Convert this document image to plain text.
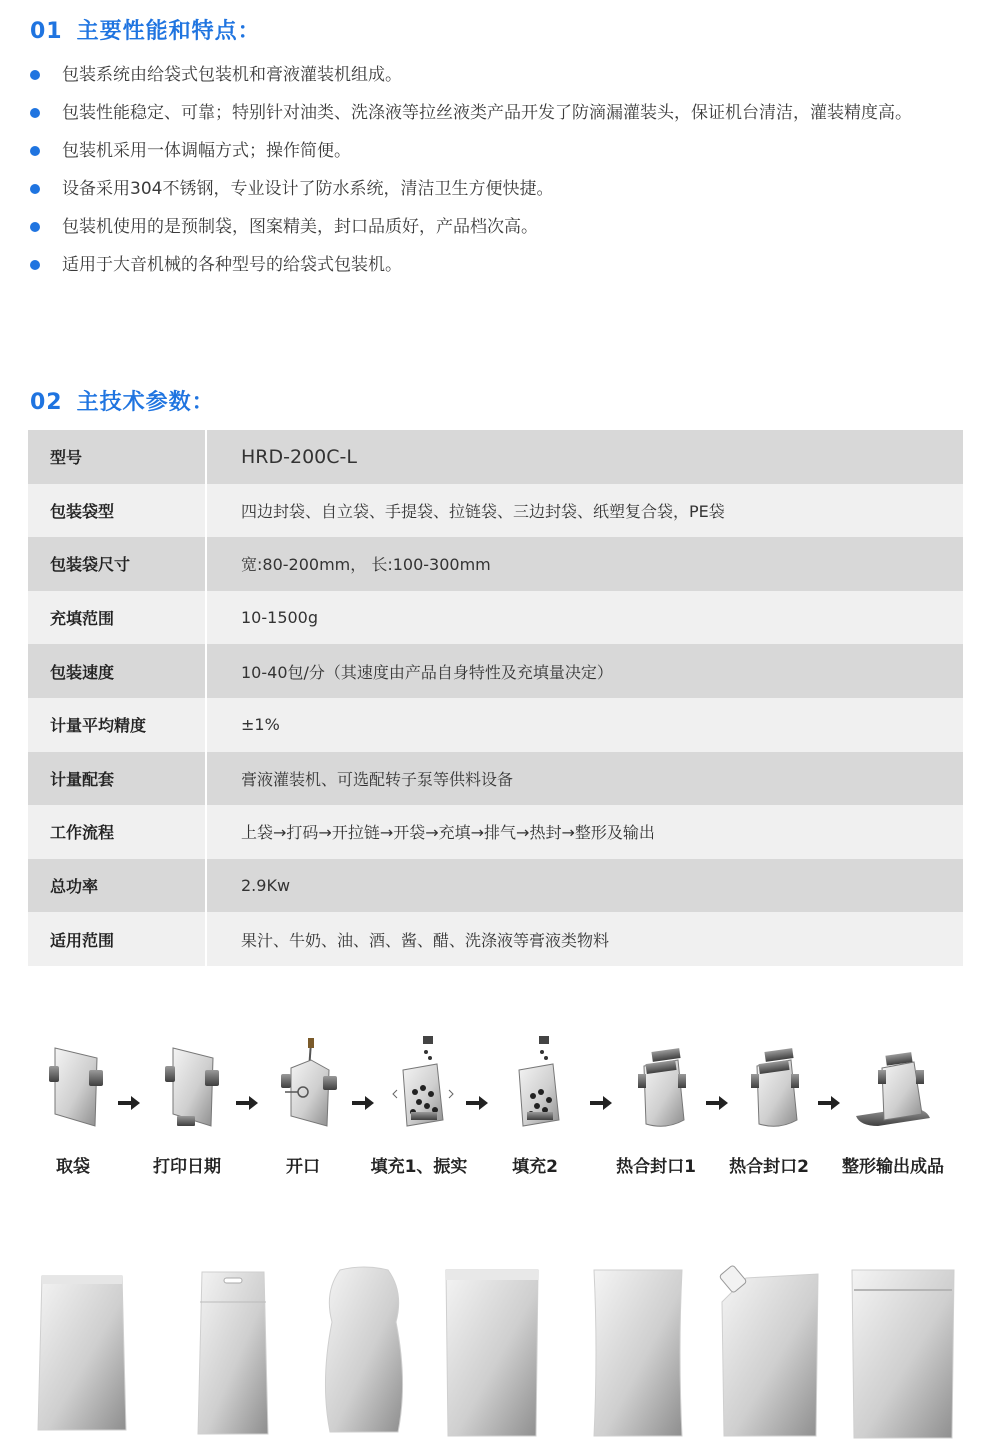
01 主要性能和特点：
包装系统由给袋式包装机和膏液灌装机组成。
包装性能稳定、可靠；特别针对油类、洗涤液等拉丝液类产品开发了防滴漏灌装头，保证机台清洁，灌装精度高。
包装机采用一体调幅方式；操作简便。
设备采用304不锈钢，专业设计了防水系统，清洁卫生方便快捷。
包装机使用的是预制袋，图案精美，封口品质好，产品档次高。
适用于大音机械的各种型号的给袋式包装机。
02 主技术参数：
型号	HRD-200C-L
包装袋型	四边封袋、自立袋、手提袋、拉链袋、三边封袋、纸塑复合袋，PE袋
包装袋尺寸	宽:80-200mm， 长:100-300mm
充填范围	10-1500g
包装速度	10-40包/分（其速度由产品自身特性及充填量决定）
计量平均精度	±1%
计量配套	膏液灌装机、可选配转子泵等供料设备
工作流程	上袋→打码→开拉链→开袋→充填→排气→热封→整形及输出
总功率	2.9Kw
适用范围	果汁、牛奶、油、酒、酱、醋、洗涤液等膏液类物料
取袋	打印日期	开口	填充1、振实	填充2	热合封口1	热合封口2	整形输出成品
